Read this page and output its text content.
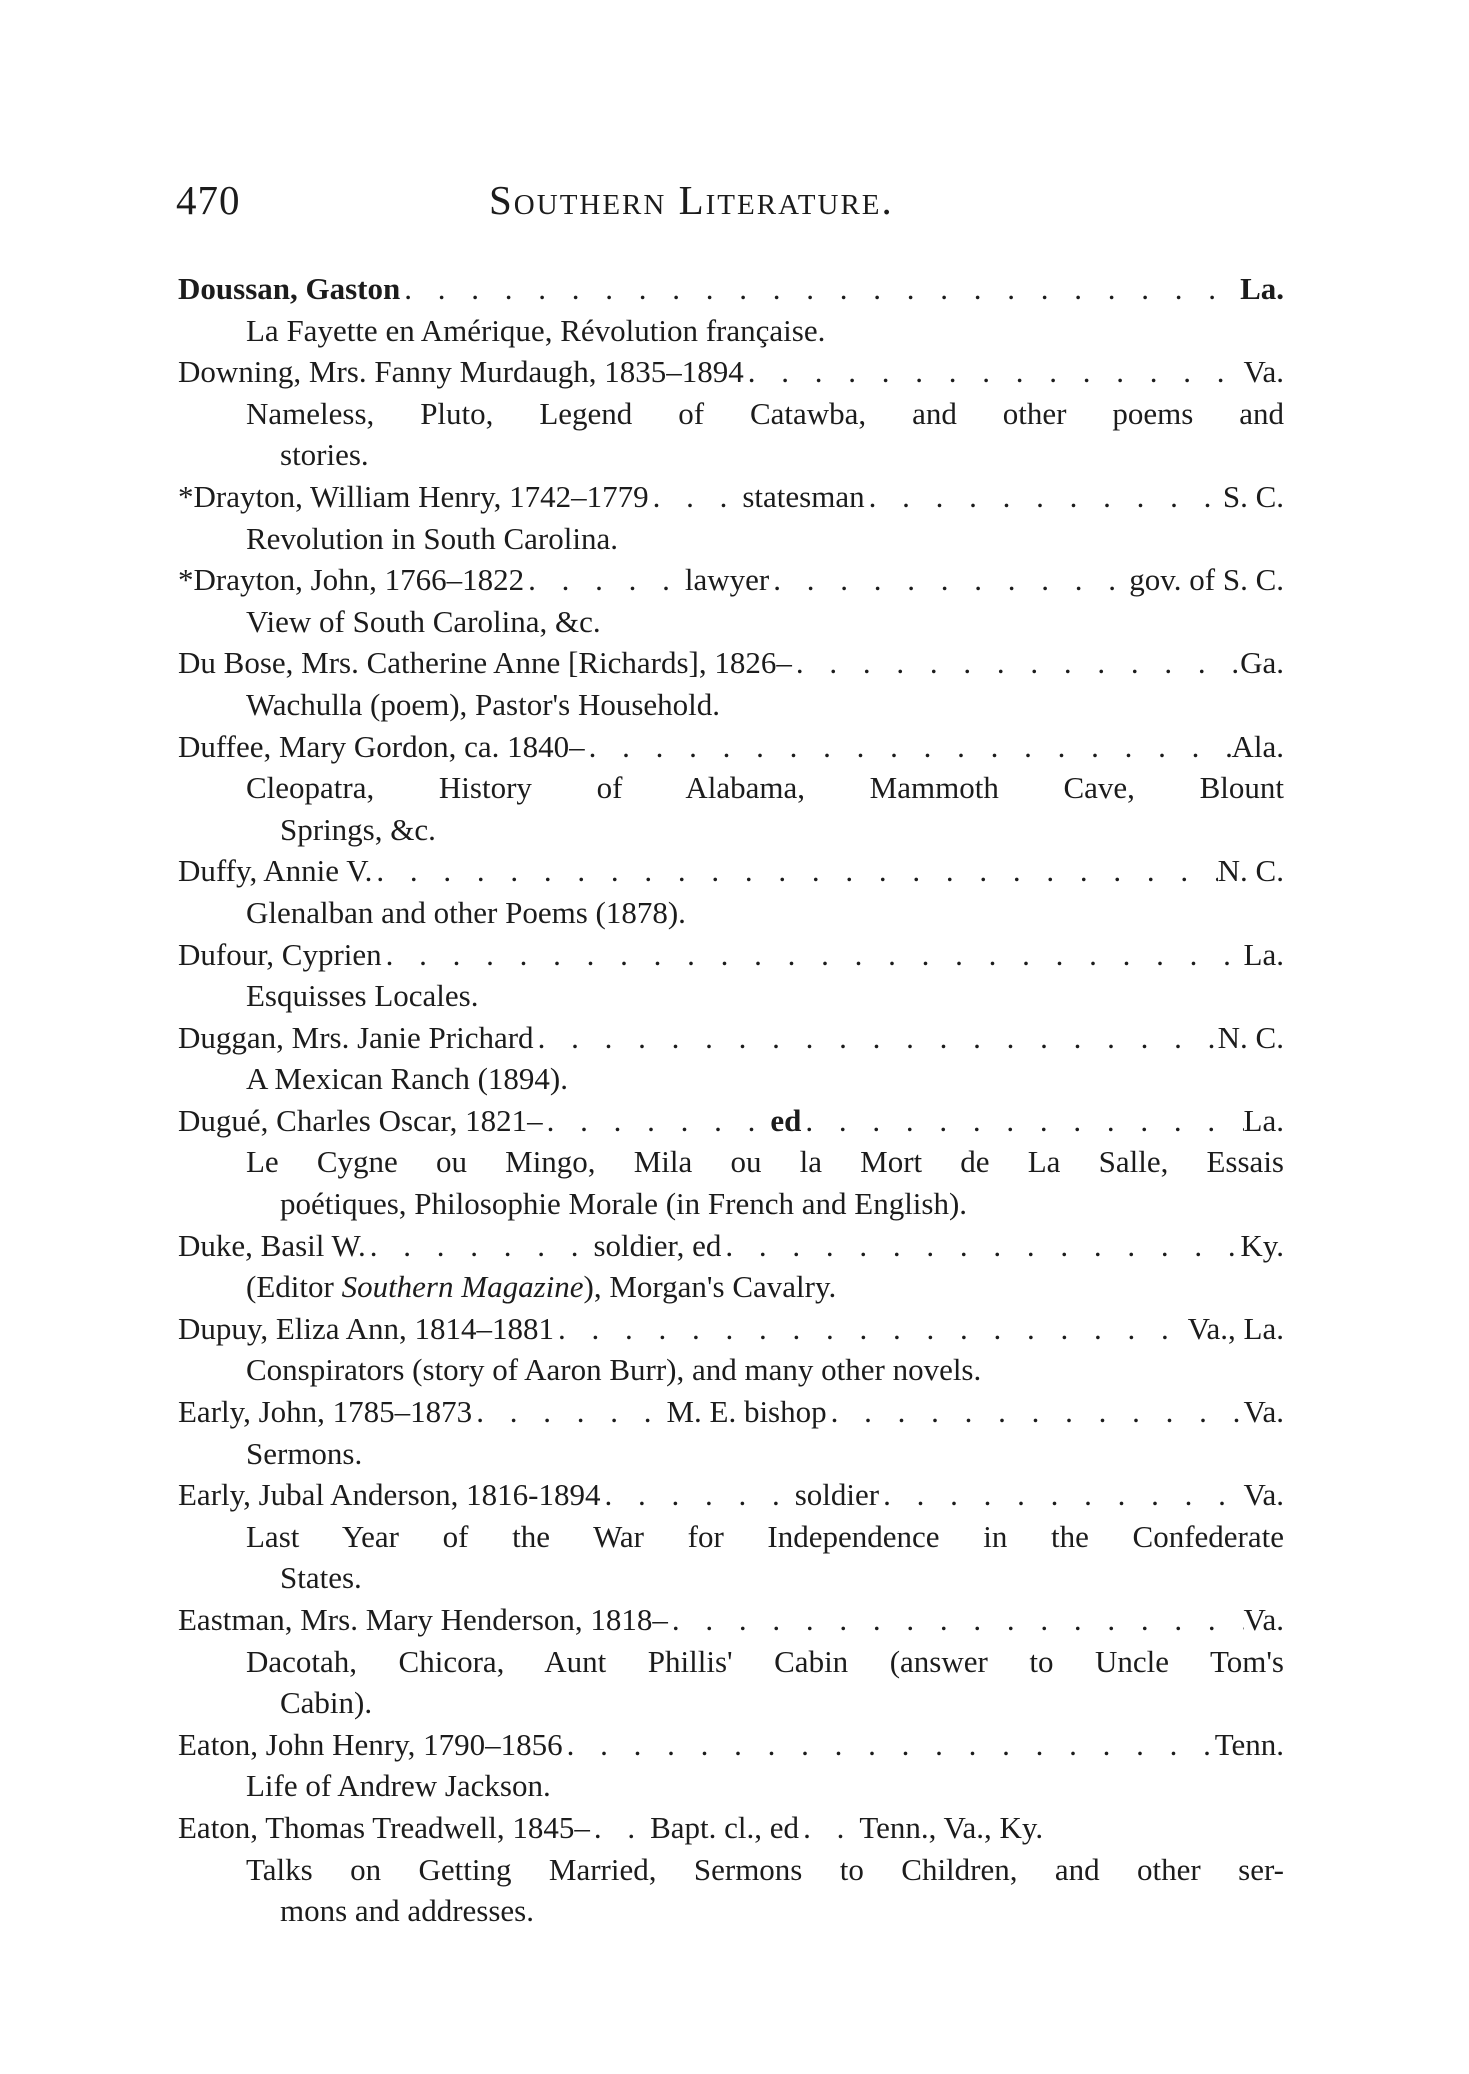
470	Southern Literature.
Doussan, Gaston . . .	La.
La Fayette en Amérique, Révolution française.
Downing, Mrs. Fanny Murdaugh, 1835–1894 . . .	Va.
Nameless, Pluto, Legend of Catawba, and other poems and
stories.
*Drayton, William Henry, 1742–1779 . . .	statesman . . .	S. C.
Revolution in South Carolina.
*Drayton, John, 1766–1822 . . .	lawyer . . .	gov. of S. C.
View of South Carolina, &c.
Du Bose, Mrs. Catherine Anne [Richards], 1826– . . .	Ga.
Wachulla (poem), Pastor's Household.
Duffee, Mary Gordon, ca. 1840– . . .	Ala.
Cleopatra, History of Alabama, Mammoth Cave, Blount
Springs, &c.
Duffy, Annie V. . . .	N. C.
Glenalban and other Poems (1878).
Dufour, Cyprien . . .	La.
Esquisses Locales.
Duggan, Mrs. Janie Prichard . . .	N. C.
A Mexican Ranch (1894).
Dugué, Charles Oscar, 1821– . . .	ed . . .	La.
Le Cygne ou Mingo, Mila ou la Mort de La Salle, Essais
poétiques, Philosophie Morale (in French and English).
Duke, Basil W. . . .	soldier, ed . . .	Ky.
(Editor Southern Magazine), Morgan's Cavalry.
Dupuy, Eliza Ann, 1814–1881 . . .	Va., La.
Conspirators (story of Aaron Burr), and many other novels.
Early, John, 1785–1873 . . .	M. E. bishop . . .	Va.
Sermons.
Early, Jubal Anderson, 1816-1894 . . .	soldier . . .	Va.
Last Year of the War for Independence in the Confederate
States.
Eastman, Mrs. Mary Henderson, 1818– . . .	Va.
Dacotah, Chicora, Aunt Phillis' Cabin (answer to Uncle Tom's
Cabin).
Eaton, John Henry, 1790–1856 . . .	Tenn.
Life of Andrew Jackson.
Eaton, Thomas Treadwell, 1845– . . Bapt. cl., ed . . Tenn., Va., Ky.
Talks on Getting Married, Sermons to Children, and other ser-
mons and addresses.
